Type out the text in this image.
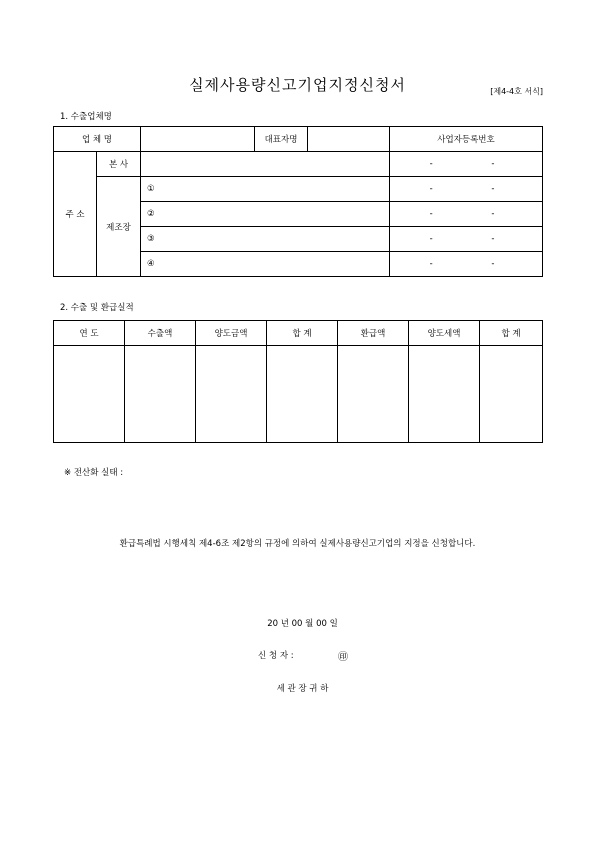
실제사용량신고기업지정신청서	[제4-4호 서식]
1. 수출업체명
업 체 명			대표자명		사업자등록번호
주 소	본 사				- -
	제조장	①			- -
		②			- -
		③			- -
		④			- -
2. 수출 및 환급실적
연 도	수출액	양도금액	합 계	환급액	양도세액	합 계

※ 전산화 실태 :
환급특례법 시행세칙 제4-6조 제2항의 규정에 의하여 실제사용량신고기업의 지정을 신청합니다.
20 년 00 월 00 일
신 청 자 :	㊞
세 관 장 귀 하
